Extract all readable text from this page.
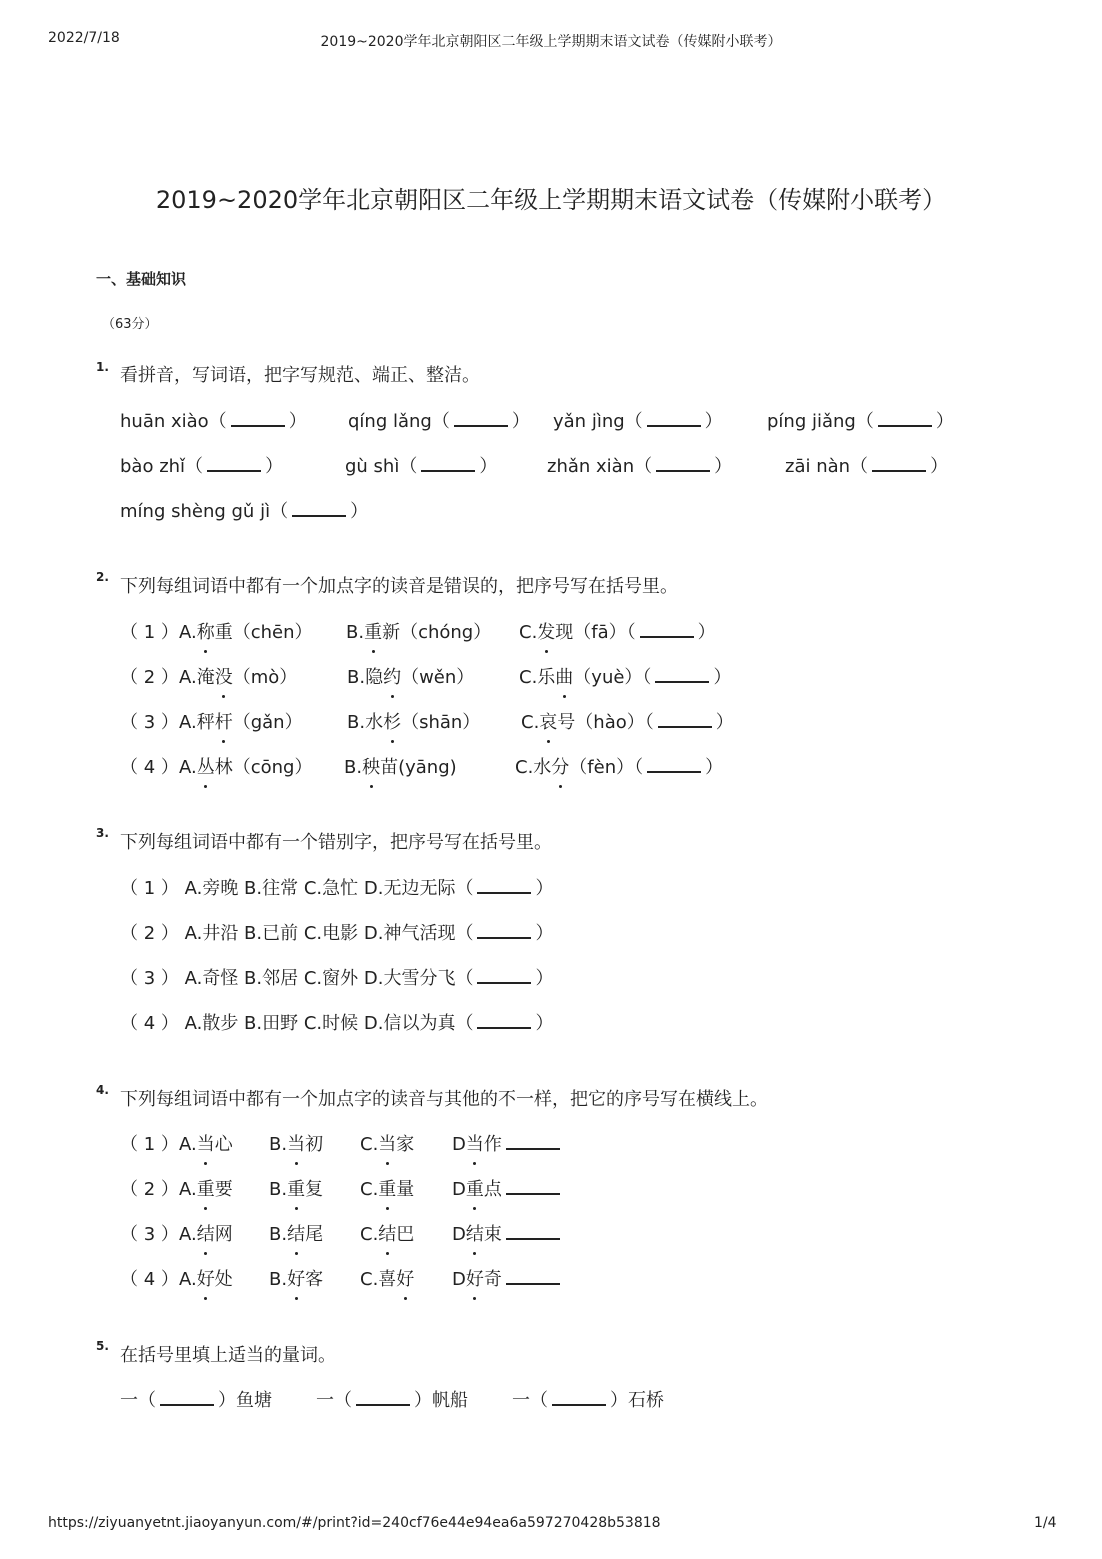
2022/7/18	2019~2020学年北京朝阳区二年级上学期期末语文试卷（传媒附小联考）
2019~2020学年北京朝阳区二年级上学期期末语文试卷（传媒附小联考）
一、基础知识
（63分）
1. 看拼音，写词语，把字写规范、端正、整洁。
huān xiào（	） qíng lǎng（	） yǎn jìng（	） píng jiǎng（	）
bào zhǐ（	）	gù shì（	）	zhǎn xiàn（	）	zāi nàn（	）
míng shèng gǔ jì（	）
2. 下列每组词语中都有一个加点字的读音是错误的，把序号写在括号里。
（ 1 ） A.称重（chēn） B.重新（chóng） C.发现（fā）（	）
（ 2 ） A.淹没（mò）	B.隐约（wěn） C.乐曲（yuè）（	）
（ 3 ） A.秤杆（gǎn） B.水杉（shān） C.哀号（hào）（	）
（ 4 ） A.丛林（cōng） B.秧苗(yāng)	C.水分（fèn）（	）
3. 下列每组词语中都有一个错别字，把序号写在括号里。
（ 1 ） A.旁晚 B.往常 C.急忙 D.无边无际（	）
（ 2 ） A.井沿 B.已前 C.电影 D.神气活现（	）
（ 3 ） A.奇怪 B.邻居 C.窗外 D.大雪分飞（	）
（ 4 ） A.散步 B.田野 C.时候 D.信以为真（	）
4. 下列每组词语中都有一个加点字的读音与其他的不一样，把它的序号写在横线上。
（ 1 ） A.当心 B.当初 C.当家 D当作
（ 2 ） A.重要 B.重复 C.重量 D重点
（ 3 ） A.结网 B.结尾 C.结巴 D结束
（ 4 ） A.好处 B.好客 C.喜好 D好奇
5. 在括号里填上适当的量词。
一（	）鱼塘 一（	）帆船 一（	）石桥
https://ziyuanyetnt.jiaoyanyun.com/#/print?id=240cf76e44e94ea6a597270428b53818	1/4
